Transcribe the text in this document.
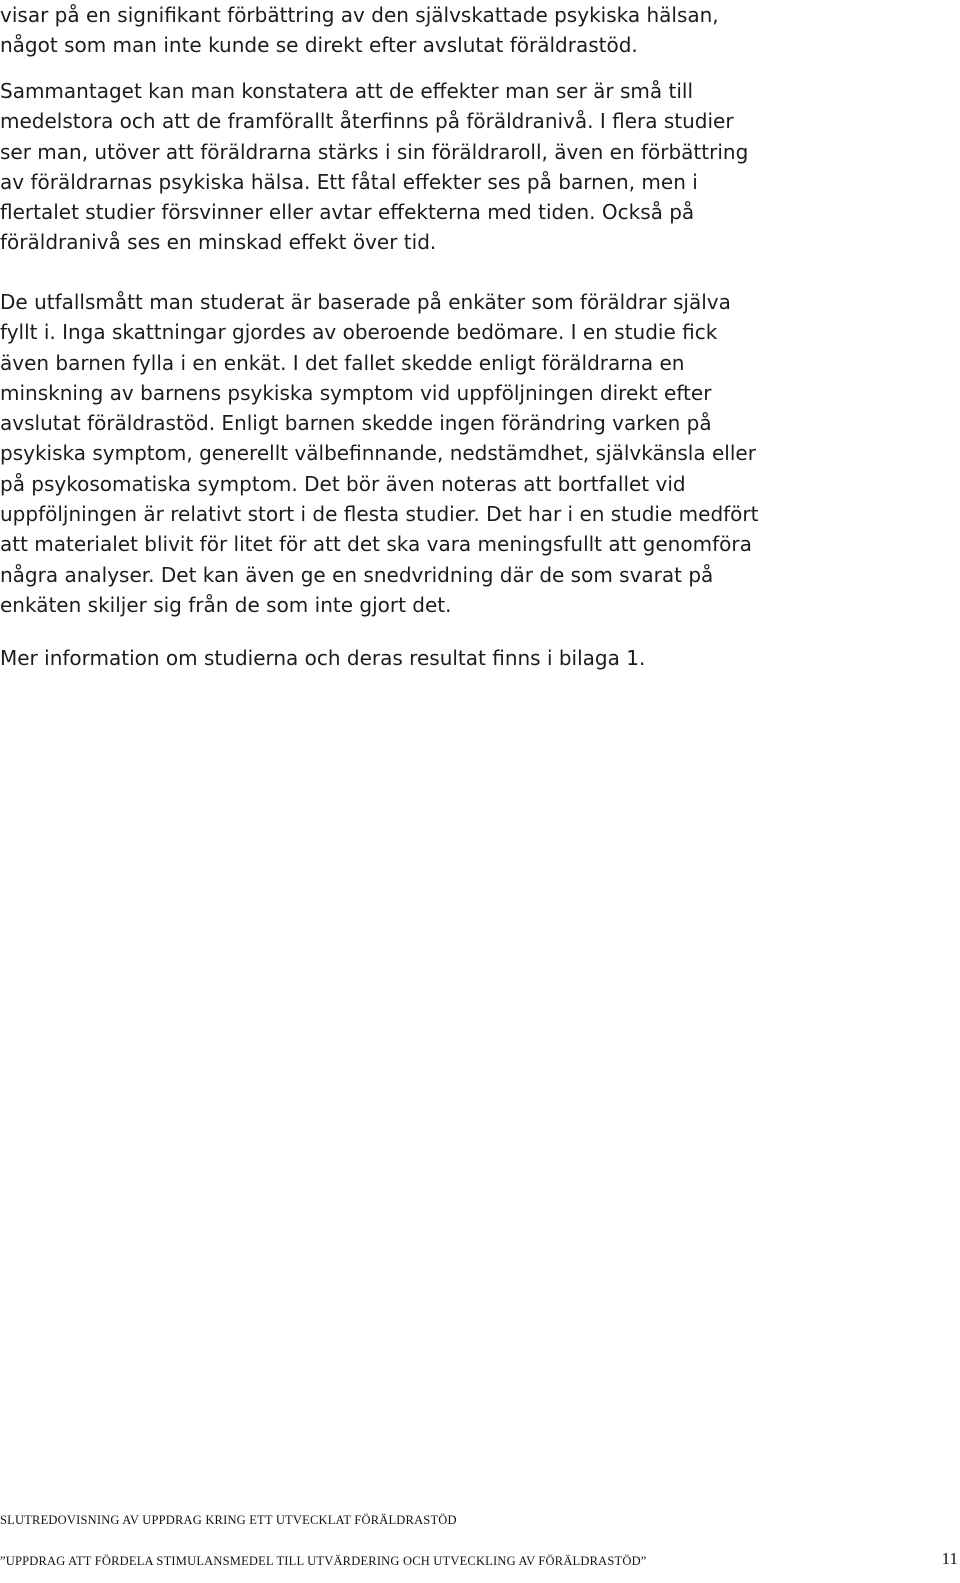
visar på en signifikant förbättring av den självskattade psykiska hälsan,

något som man inte kunde se direkt efter avslutat föräldrastöd.

Sammantaget kan man konstatera att de effekter man ser är små till

medelstora och att de framförallt återfinns på föräldranivå. I flera studier

ser man, utöver att föräldrarna stärks i sin föräldraroll, även en förbättring

av föräldrarnas psykiska hälsa. Ett fåtal effekter ses på barnen, men i

flertalet studier försvinner eller avtar effekterna med tiden. Också på

föräldranivå ses en minskad effekt över tid.

De utfallsmått man studerat är baserade på enkäter som föräldrar själva

fyllt i. Inga skattningar gjordes av oberoende bedömare. I en studie fick

även barnen fylla i en enkät. I det fallet skedde enligt föräldrarna en

minskning av barnens psykiska symptom vid uppföljningen direkt efter

avslutat föräldrastöd. Enligt barnen skedde ingen förändring varken på

psykiska symptom, generellt välbefinnande, nedstämdhet, självkänsla eller

på psykosomatiska symptom. Det bör även noteras att bortfallet vid

uppföljningen är relativt stort i de flesta studier. Det har i en studie medfört

att materialet blivit för litet för att det ska vara meningsfullt att genomföra

några analyser. Det kan även ge en snedvridning där de som svarat på

enkäten skiljer sig från de som inte gjort det.

Mer information om studierna och deras resultat finns i bilaga 1.

SLUTREDOVISNING AV UPPDRAG KRING ETT UTVECKLAT FÖRÄLDRASTÖD
”UPPDRAG ATT FÖRDELA STIMULANSMEDEL TILL UTVÄRDERING OCH UTVECKLING AV FÖRÄLDRASTÖD”	11
